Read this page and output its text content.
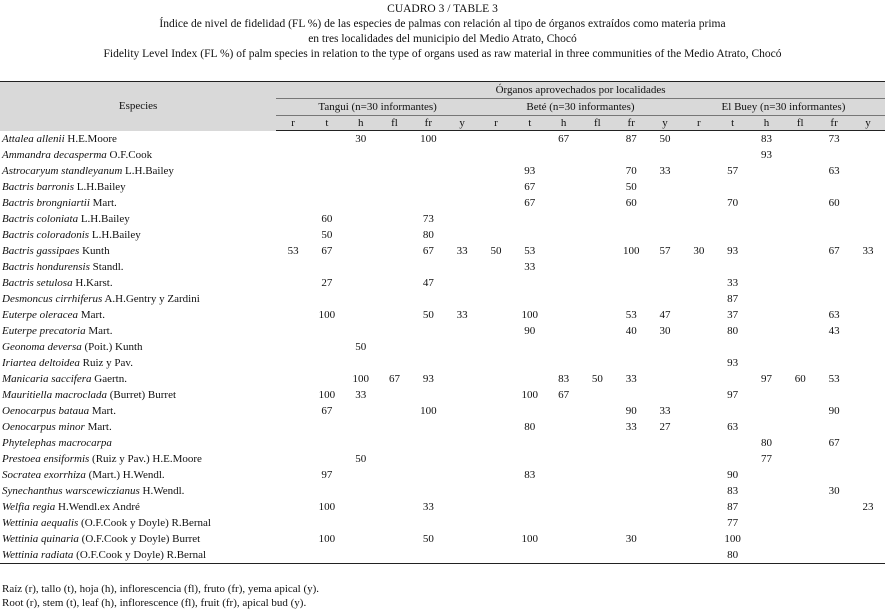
CUADRO 3 / TABLE 3
Índice de nivel de fidelidad (FL %) de las especies de palmas con relación al tipo de órganos extraídos como materia prima
en tres localidades del municipio del Medio Atrato, Chocó
Fidelity Level Index (FL %) of palm species in relation to the type of organs used as raw material in three communities of the Medio Atrato, Chocó
Especies	Órganos aprovechados por localidades																	
	Tangui (n=30 informantes)						Beté (n=30 informantes)						El Buey (n=30 informantes)					
	r	t	h	fl	fr	y	r	t	h	fl	fr	y	r	t	h	fl	fr	y
Attalea allenii H.E.Moore			30		100				67		87	50			83		73	
Ammandra decasperma O.F.Cook															93			
Astrocaryum standleyanum L.H.Bailey								93			70	33		57			63	
Bactris barronis L.H.Bailey								67			50							
Bactris brongniartii Mart.								67			60			70			60	
Bactris coloniata L.H.Bailey		60			73													
Bactris coloradonis L.H.Bailey		50			80													
Bactris gassipaes Kunth	53	67			67	33	50	53			100	57	30	93			67	33
Bactris hondurensis Standl.								33										
Bactris setulosa H.Karst.		27			47									33				
Desmoncus cirrhiferus A.H.Gentry y Zardini														87				
Euterpe oleracea Mart.		100			50	33		100			53	47		37			63	
Euterpe precatoria Mart.								90			40	30		80			43	
Geonoma deversa (Poit.) Kunth			50															
Iriartea deltoidea Ruiz y Pav.														93				
Manicaria saccifera Gaertn.			100	67	93				83	50	33				97	60	53	
Mauritiella macroclada (Burret) Burret		100	33					100	67					97				
Oenocarpus bataua Mart.		67			100						90	33					90	
Oenocarpus minor Mart.								80			33	27		63				
Phytelephas macrocarpa															80		67	
Prestoea ensiformis (Ruiz y Pav.) H.E.Moore			50												77			
Socratea exorrhiza (Mart.) H.Wendl.		97						83						90				
Synechanthus warscewiczianus H.Wendl.														83			30	
Welfia regia H.Wendl.ex André		100			33									87				23
Wettinia aequalis (O.F.Cook y Doyle) R.Bernal														77				
Wettinia quinaria (O.F.Cook y Doyle) Burret		100			50			100			30			100				
Wettinia radiata (O.F.Cook y Doyle) R.Bernal														80				
Raíz (r), tallo (t), hoja (h), inflorescencia (fl), fruto (fr), yema apical (y).
Root (r), stem (t), leaf (h), inflorescence (fl), fruit (fr), apical bud (y).
